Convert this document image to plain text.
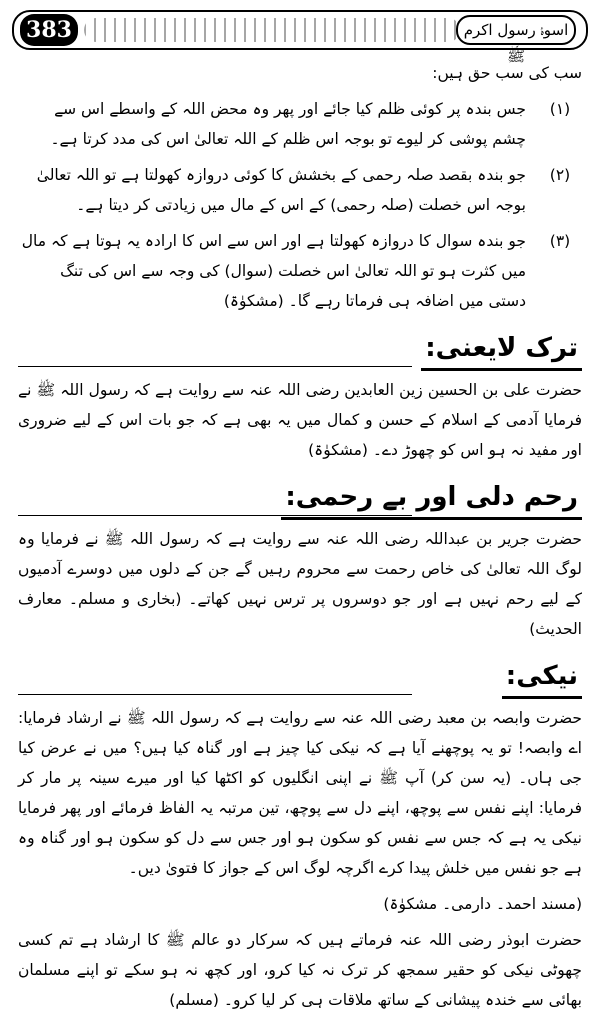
383	اسوۂ رسول اکرم ﷺ

سب کی سب حق ہیں:

(۱)
جس بندہ پر کوئی ظلم کیا جائے اور پھر وہ محض اللہ کے واسطے اس سے چشم پوشی کر لیوے تو بوجہ اس ظلم کے اللہ تعالیٰ اس کی مدد کرتا ہے۔
(۲)
جو بندہ بقصد صلہ رحمی کے بخشش کا کوئی دروازہ کھولتا ہے تو اللہ تعالیٰ بوجہ اس خصلت (صلہ رحمی) کے اس کے مال میں زیادتی کر دیتا ہے۔
(۳)
جو بندہ سوال کا دروازہ کھولتا ہے اور اس سے اس کا ارادہ یہ ہوتا ہے کہ مال میں کثرت ہو تو اللہ تعالیٰ اس خصلت (سوال) کی وجہ سے اس کی تنگ دستی میں اضافہ ہی فرماتا رہے گا۔ (مشکوٰۃ)
ترک لایعنی:

حضرت علی بن الحسین زین العابدین رضی اللہ عنہ سے روایت ہے کہ رسول اللہ ﷺ نے فرمایا آدمی کے اسلام کے حسن و کمال میں یہ بھی ہے کہ جو بات اس کے لیے ضروری اور مفید نہ ہو اس کو چھوڑ دے۔ (مشکوٰۃ)

رحم دلی اور بے رحمی:

حضرت جریر بن عبداللہ رضی اللہ عنہ سے روایت ہے کہ رسول اللہ ﷺ نے فرمایا وہ لوگ اللہ تعالیٰ کی خاص رحمت سے محروم رہیں گے جن کے دلوں میں دوسرے آدمیوں کے لیے رحم نہیں ہے اور جو دوسروں پر ترس نہیں کھاتے۔ (بخاری و مسلم۔ معارف الحدیث)

نیکی:

حضرت وابصہ بن معبد رضی اللہ عنہ سے روایت ہے کہ رسول اللہ ﷺ نے ارشاد فرمایا: اے وابصہ! تو یہ پوچھنے آیا ہے کہ نیکی کیا چیز ہے اور گناہ کیا ہیں؟ میں نے عرض کیا جی ہاں۔ (یہ سن کر) آپ ﷺ نے اپنی انگلیوں کو اکٹھا کیا اور میرے سینہ پر مار کر فرمایا: اپنے نفس سے پوچھ، اپنے دل سے پوچھ، تین مرتبہ یہ الفاظ فرمائے اور پھر فرمایا نیکی یہ ہے کہ جس سے نفس کو سکون ہو اور جس سے دل کو سکون ہو اور گناہ وہ ہے جو نفس میں خلش پیدا کرے اگرچہ لوگ اس کے جواز کا فتویٰ دیں۔

(مسند احمد۔ دارمی۔ مشکوٰۃ)

حضرت ابوذر رضی اللہ عنہ فرماتے ہیں کہ سرکار دو عالم ﷺ کا ارشاد ہے تم کسی چھوٹی نیکی کو حقیر سمجھ کر ترک نہ کیا کرو، اور کچھ نہ ہو سکے تو اپنے مسلمان بھائی سے خندہ پیشانی کے ساتھ ملاقات ہی کر لیا کرو۔ (مسلم)
